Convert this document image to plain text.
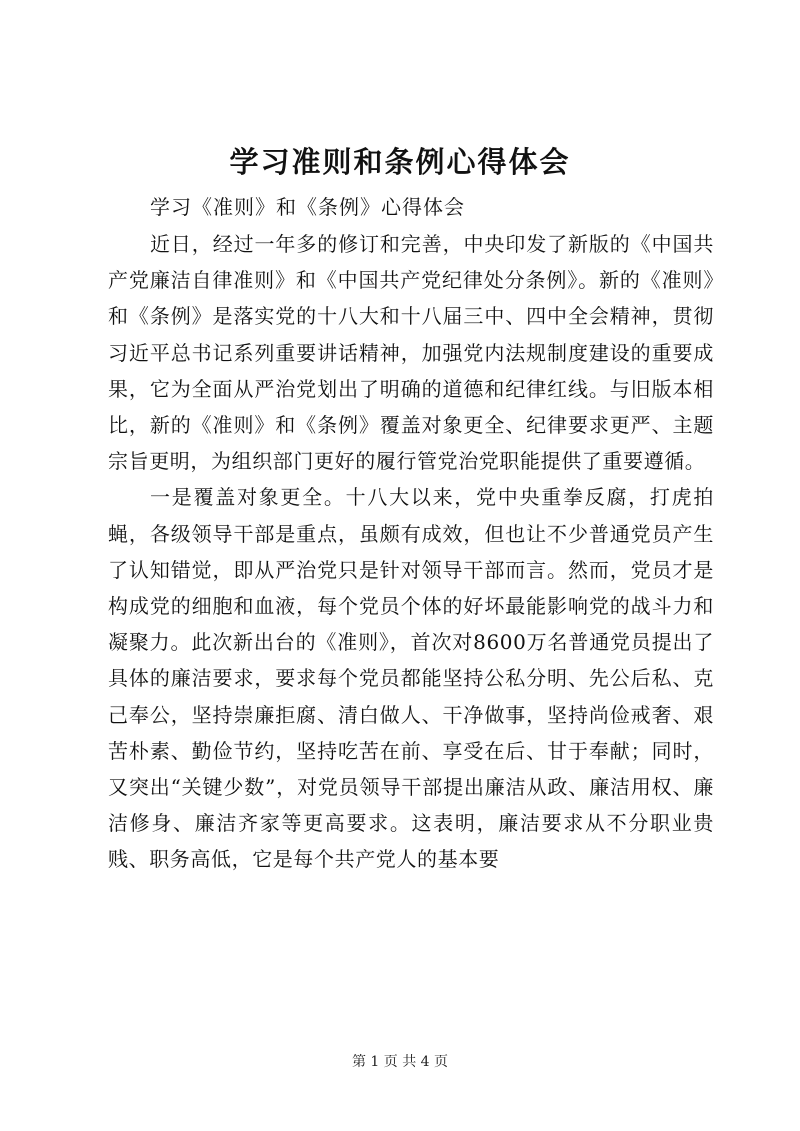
学习准则和条例心得体会
学习《准则》和《条例》心得体会

近日，经过一年多的修订和完善，中央印发了新版的《中国共产党廉洁自律准则》和《中国共产党纪律处分条例》。新的《准则》和《条例》是落实党的十八大和十八届三中、四中全会精神，贯彻习近平总书记系列重要讲话精神，加强党内法规制度建设的重要成果，它为全面从严治党划出了明确的道德和纪律红线。与旧版本相比，新的《准则》和《条例》覆盖对象更全、纪律要求更严、主题宗旨更明，为组织部门更好的履行管党治党职能提供了重要遵循。

一是覆盖对象更全。十八大以来，党中央重拳反腐，打虎拍蝇，各级领导干部是重点，虽颇有成效，但也让不少普通党员产生了认知错觉，即从严治党只是针对领导干部而言。然而，党员才是构成党的细胞和血液，每个党员个体的好坏最能影响党的战斗力和凝聚力。此次新出台的《准则》，首次对8600万名普通党员提出了具体的廉洁要求，要求每个党员都能坚持公私分明、先公后私、克己奉公，坚持崇廉拒腐、清白做人、干净做事，坚持尚俭戒奢、艰苦朴素、勤俭节约，坚持吃苦在前、享受在后、甘于奉献；同时，又突出“关键少数”，对党员领导干部提出廉洁从政、廉洁用权、廉洁修身、廉洁齐家等更高要求。这表明，廉洁要求从不分职业贵贱、职务高低，它是每个共产党人的基本要

第 1 页 共 4 页
